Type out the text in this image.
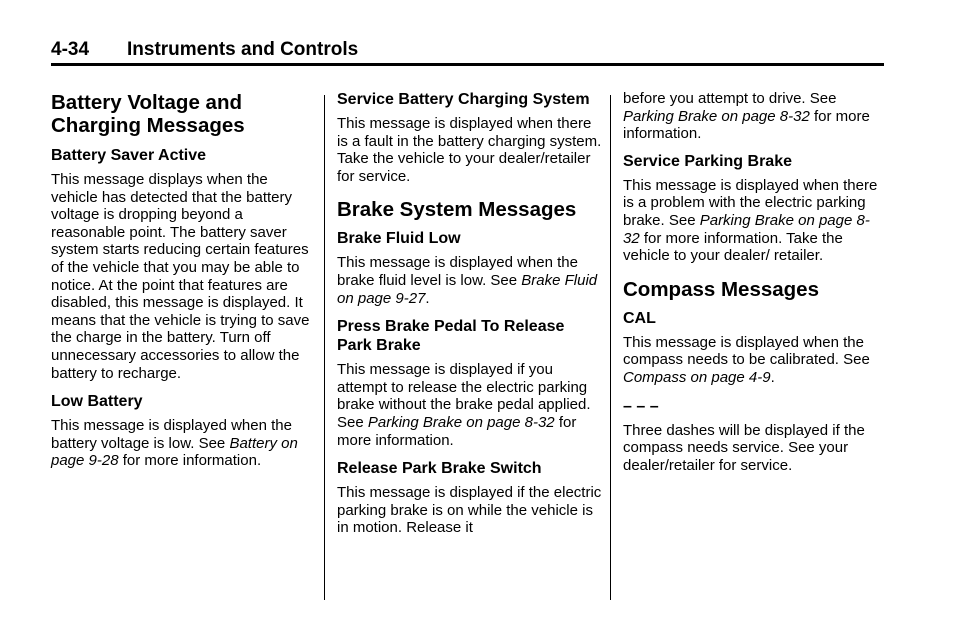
4-34 Instruments and Controls
Battery Voltage and Charging Messages
Battery Saver Active

This message displays when the vehicle has detected that the battery voltage is dropping beyond a reasonable point. The battery saver system starts reducing certain features of the vehicle that you may be able to notice. At the point that features are disabled, this message is displayed. It means that the vehicle is trying to save the charge in the battery. Turn off unnecessary accessories to allow the battery to recharge.

Low Battery

This message is displayed when the battery voltage is low. See Battery on page 9-28 for more information.

Service Battery Charging System

This message is displayed when there is a fault in the battery charging system. Take the vehicle to your dealer/retailer for service.

Brake System Messages
Brake Fluid Low

This message is displayed when the brake fluid level is low. See Brake Fluid on page 9-27.

Press Brake Pedal To Release Park Brake

This message is displayed if you attempt to release the electric parking brake without the brake pedal applied. See Parking Brake on page 8-32 for more information.

Release Park Brake Switch

This message is displayed if the electric parking brake is on while the vehicle is in motion. Release it

before you attempt to drive. See Parking Brake on page 8-32 for more information.

Service Parking Brake

This message is displayed when there is a problem with the electric parking brake. See Parking Brake on page 8-32 for more information. Take the vehicle to your dealer/ retailer.

Compass Messages
CAL

This message is displayed when the compass needs to be calibrated. See Compass on page 4-9.

– – –

Three dashes will be displayed if the compass needs service. See your dealer/retailer for service.
